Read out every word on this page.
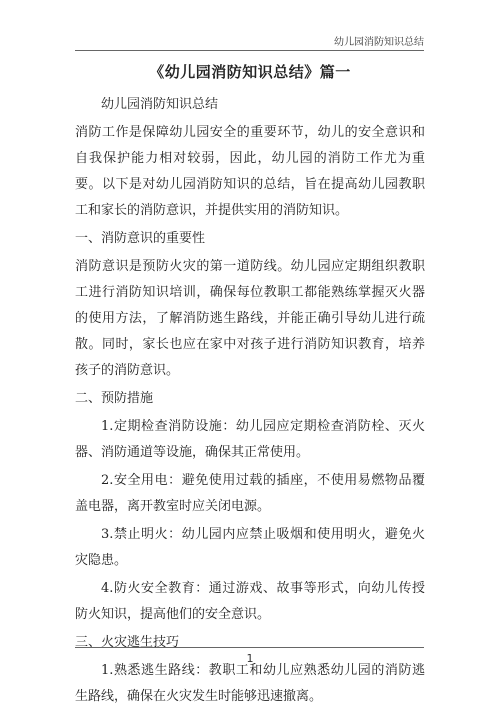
幼儿园消防知识总结
《幼儿园消防知识总结》篇一
幼儿园消防知识总结
消防工作是保障幼儿园安全的重要环节，幼儿的安全意识和自我保护能力相对较弱，因此，幼儿园的消防工作尤为重要。以下是对幼儿园消防知识的总结，旨在提高幼儿园教职工和家长的消防意识，并提供实用的消防知识。
一、消防意识的重要性
消防意识是预防火灾的第一道防线。幼儿园应定期组织教职工进行消防知识培训，确保每位教职工都能熟练掌握灭火器的使用方法，了解消防逃生路线，并能正确引导幼儿进行疏散。同时，家长也应在家中对孩子进行消防知识教育，培养孩子的消防意识。
二、预防措施
1.定期检查消防设施：幼儿园应定期检查消防栓、灭火器、消防通道等设施，确保其正常使用。
2.安全用电：避免使用过载的插座，不使用易燃物品覆盖电器，离开教室时应关闭电源。
3.禁止明火：幼儿园内应禁止吸烟和使用明火，避免火灾隐患。
4.防火安全教育：通过游戏、故事等形式，向幼儿传授防火知识，提高他们的安全意识。
三、火灾逃生技巧
1.熟悉逃生路线：教职工和幼儿应熟悉幼儿园的消防逃生路线，确保在火灾发生时能够迅速撤离。
1
